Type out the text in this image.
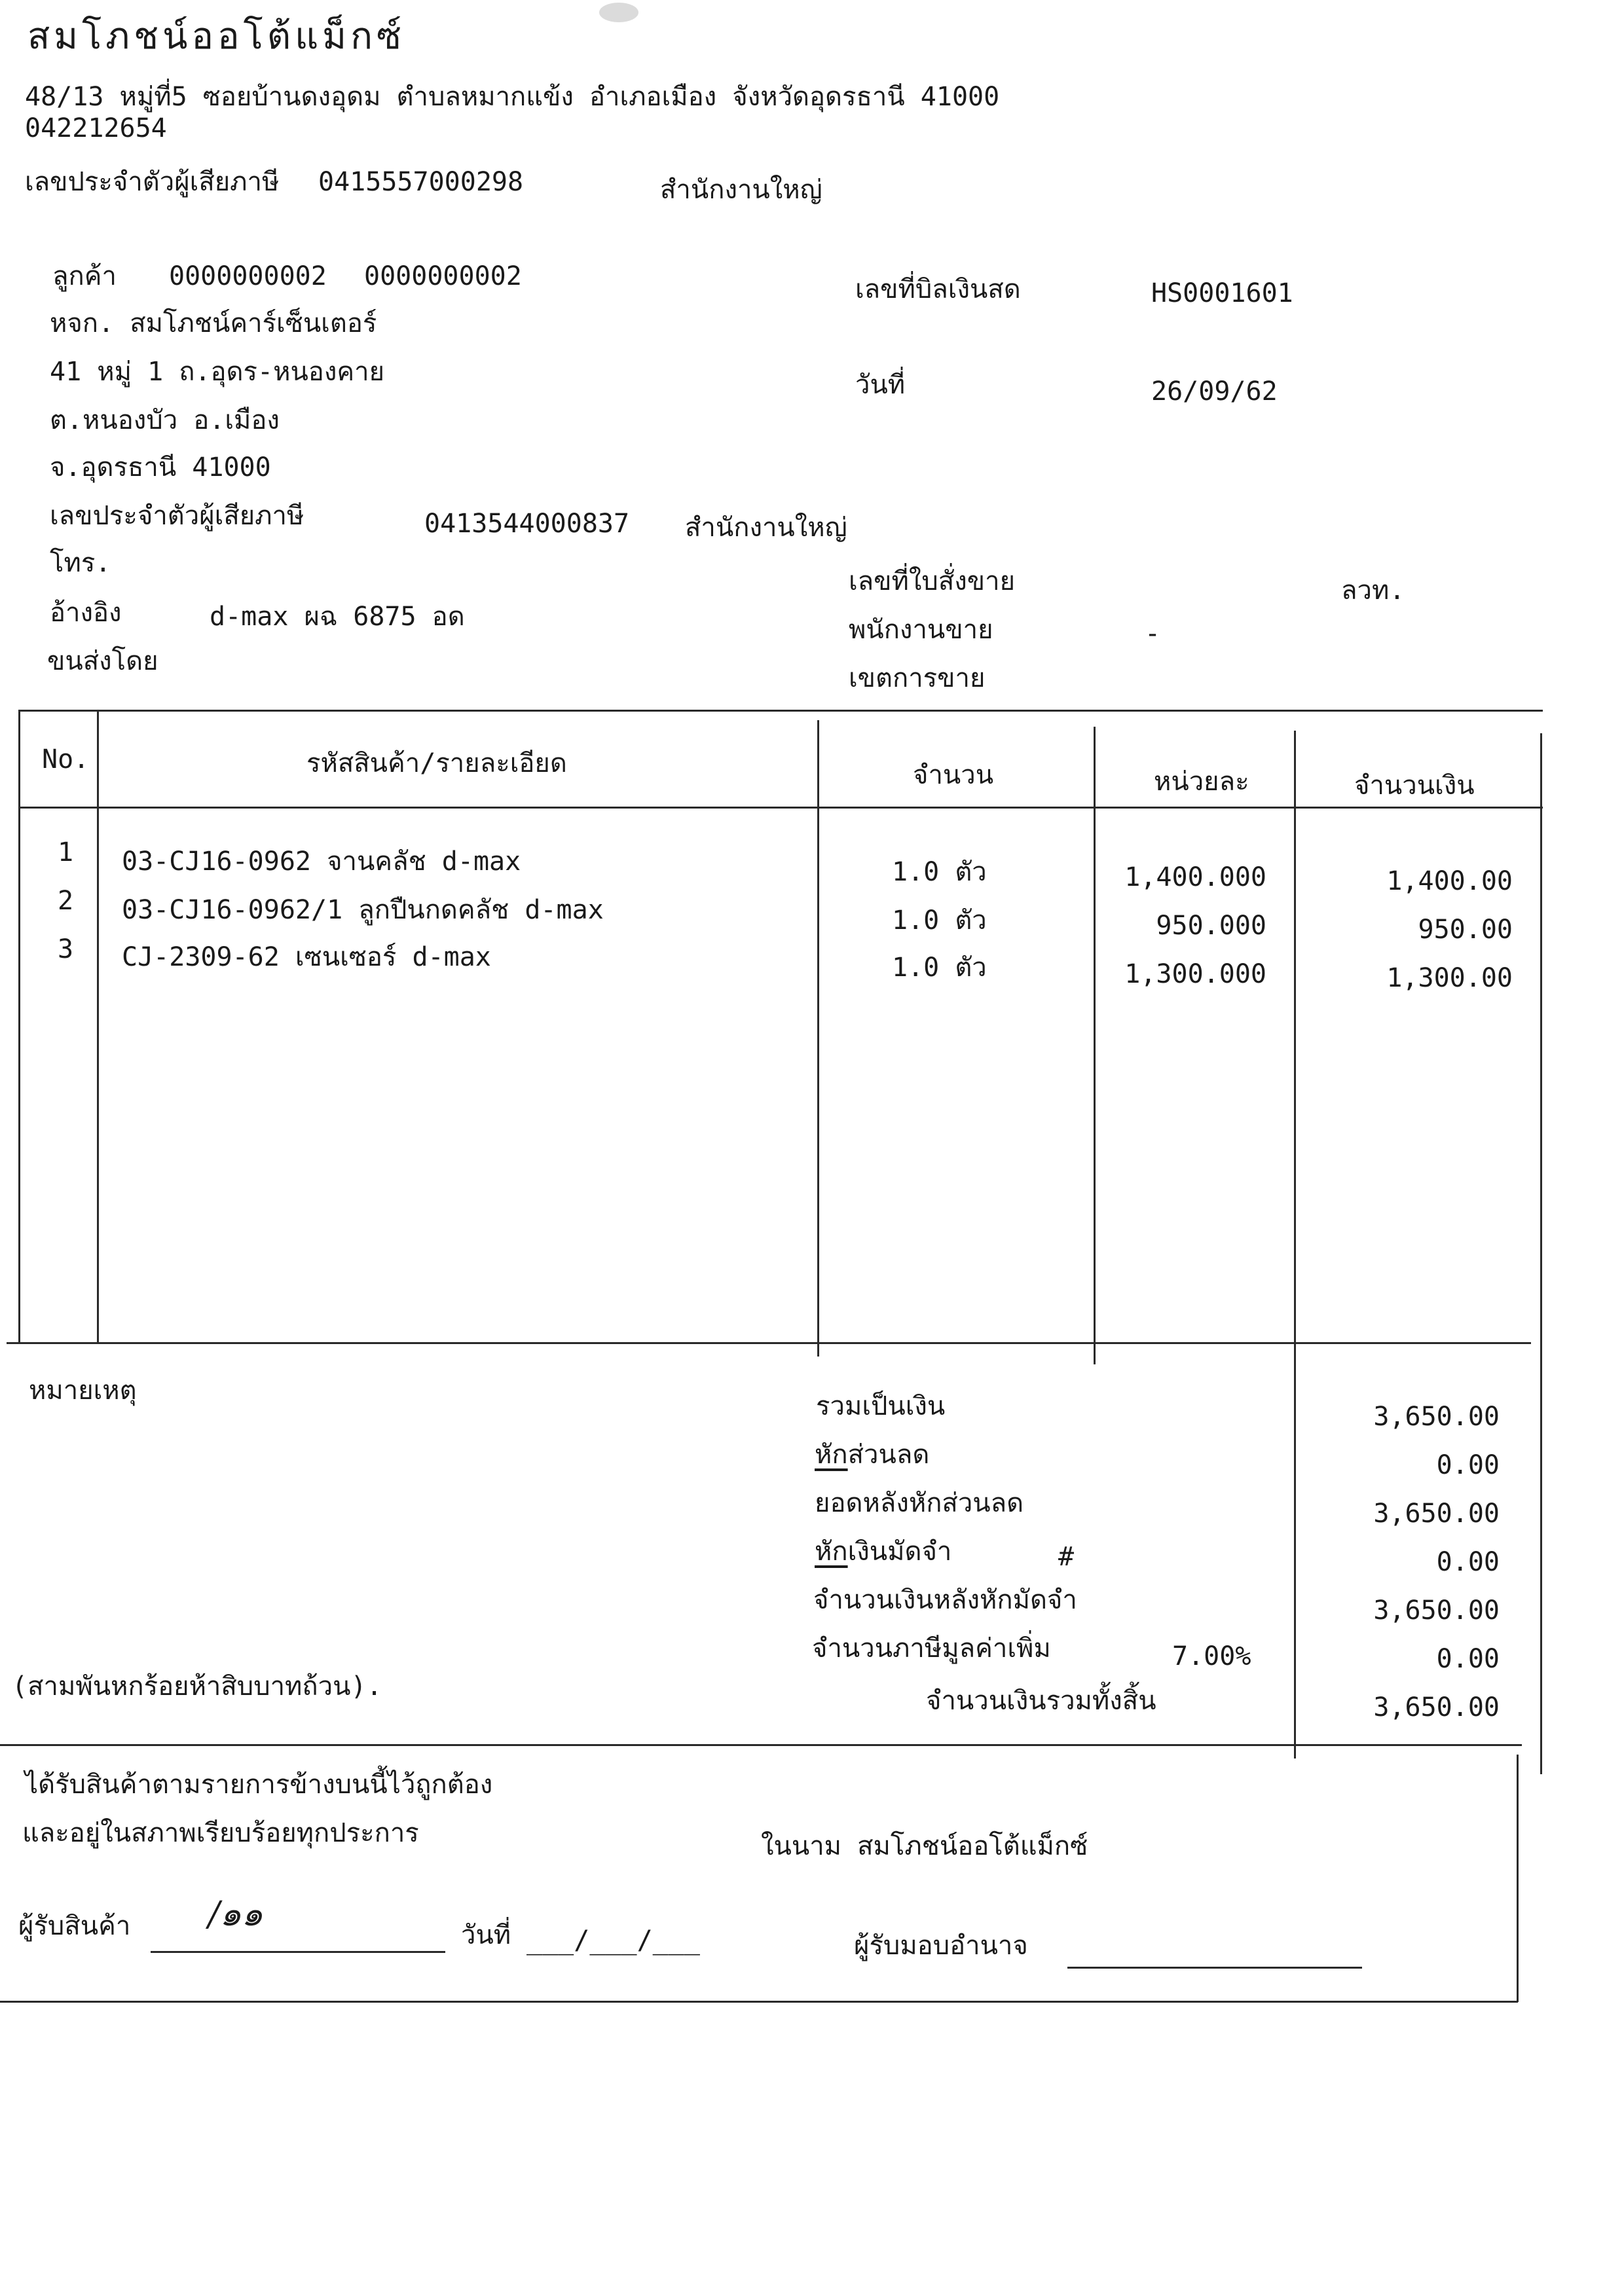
สมโภชน์ออโต้แม็กซ์
48/13 หมู่ที่5 ซอยบ้านดงอุดม ตำบลหมากแข้ง อำเภอเมือง จังหวัดอุดรธานี 41000
042212654
เลขประจำตัวผู้เสียภาษี 0415557000298	สำนักงานใหญ่
ลูกค้า 0000000002 0000000002
หจก. สมโภชน์คาร์เซ็นเตอร์
41 หมู่ 1 ถ.อุดร-หนองคาย
ต.หนองบัว อ.เมือง
จ.อุดรธานี 41000
เลขประจำตัวผู้เสียภาษี	0413544000837 สำนักงานใหญ่
โทร.
อ้างอิง	d-max ผฉ 6875 อด
ขนส่งโดย
เลขที่บิลเงินสด	HS0001601
วันที่	26/09/62
เลขที่ใบสั่งขาย	ลวท.
พนักงานขาย	-
เขตการขาย
No.	รหัสสินค้า/รายละเอียด	จำนวน	หน่วยละ	จำนวนเงิน
1 03-CJ16-0962 จานคลัช d-max	1.0 ตัว	1,400.000	1,400.00
2 03-CJ16-0962/1 ลูกปืนกดคลัช d-max	1.0 ตัว	950.000	950.00
3 CJ-2309-62 เซนเซอร์ d-max	1.0 ตัว	1,300.000	1,300.00
หมายเหตุ
(สามพันหกร้อยห้าสิบบาทถ้วน).
รวมเป็นเงิน	3,650.00
หักส่วนลด	0.00
ยอดหลังหักส่วนลด	3,650.00
หักเงินมัดจำ	#	0.00
จำนวนเงินหลังหักมัดจำ	3,650.00
จำนวนภาษีมูลค่าเพิ่ม	7.00%	0.00
จำนวนเงินรวมทั้งสิ้น	3,650.00
ได้รับสินค้าตามรายการข้างบนนี้ไว้ถูกต้อง
และอยู่ในสภาพเรียบร้อยทุกประการ	ในนาม สมโภชน์ออโต้แม็กซ์
ผู้รับสินค้า /๑๑
วันที่ ___/___/___	ผู้รับมอบอำนาจ
